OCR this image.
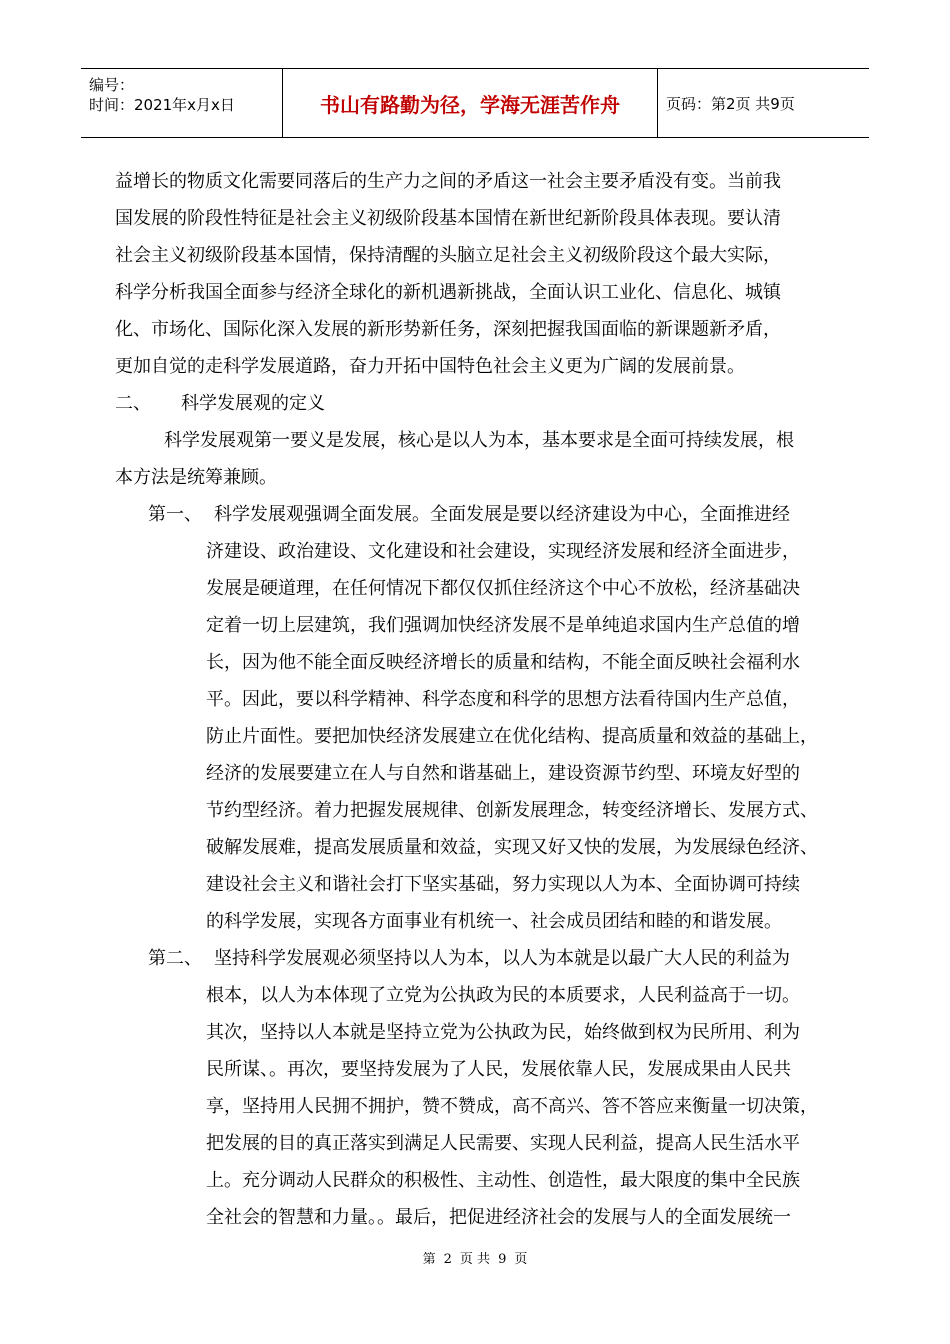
编号：
时间：2021年x月x日	书山有路勤为径，学海无涯苦作舟	页码：第2页 共9页
益增长的物质文化需要同落后的生产力之间的矛盾这一社会主要矛盾没有变。当前我
国发展的阶段性特征是社会主义初级阶段基本国情在新世纪新阶段具体表现。要认清
社会主义初级阶段基本国情，保持清醒的头脑立足社会主义初级阶段这个最大实际，
科学分析我国全面参与经济全球化的新机遇新挑战，全面认识工业化、信息化、城镇
化、市场化、国际化深入发展的新形势新任务，深刻把握我国面临的新课题新矛盾，
更加自觉的走科学发展道路，奋力开拓中国特色社会主义更为广阔的发展前景。
二、 科学发展观的定义
科学发展观第一要义是发展，核心是以人为本，基本要求是全面可持续发展，根
本方法是统筹兼顾。
第一、 科学发展观强调全面发展。全面发展是要以经济建设为中心，全面推进经
济建设、政治建设、文化建设和社会建设，实现经济发展和经济全面进步，
发展是硬道理，在任何情况下都仅仅抓住经济这个中心不放松，经济基础决
定着一切上层建筑，我们强调加快经济发展不是单纯追求国内生产总值的增
长，因为他不能全面反映经济增长的质量和结构，不能全面反映社会福利水
平。因此，要以科学精神、科学态度和科学的思想方法看待国内生产总值，
防止片面性。要把加快经济发展建立在优化结构、提高质量和效益的基础上，
经济的发展要建立在人与自然和谐基础上，建设资源节约型、环境友好型的
节约型经济。着力把握发展规律、创新发展理念，转变经济增长、发展方式、
破解发展难，提高发展质量和效益，实现又好又快的发展，为发展绿色经济、
建设社会主义和谐社会打下坚实基础，努力实现以人为本、全面协调可持续
的科学发展，实现各方面事业有机统一、社会成员团结和睦的和谐发展。
第二、 坚持科学发展观必须坚持以人为本，以人为本就是以最广大人民的利益为
根本，以人为本体现了立党为公执政为民的本质要求，人民利益高于一切。
其次，坚持以人本就是坚持立党为公执政为民，始终做到权为民所用、利为
民所谋、。再次，要坚持发展为了人民，发展依靠人民，发展成果由人民共
享，坚持用人民拥不拥护，赞不赞成，高不高兴、答不答应来衡量一切决策，
把发展的目的真正落实到满足人民需要、实现人民利益，提高人民生活水平
上。充分调动人民群众的积极性、主动性、创造性，最大限度的集中全民族
全社会的智慧和力量。。最后，把促进经济社会的发展与人的全面发展统一
第 2 页 共 9 页
